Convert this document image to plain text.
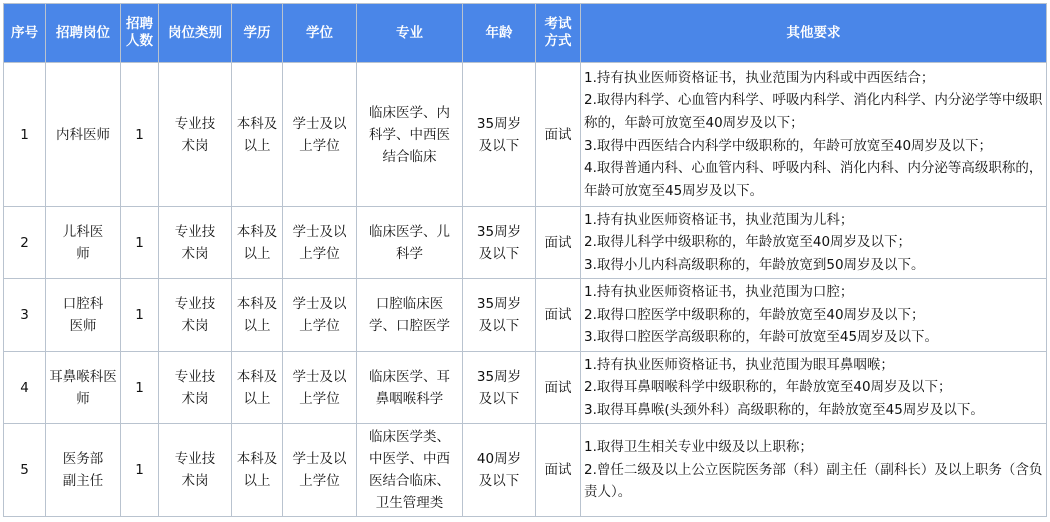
序号	招聘岗位	招聘人数	岗位类别	学历	学位	专业	年龄	考试方式	其他要求
1	内科医师	1	专业技术岗	本科及以上	学士及以上学位	临床医学、内科学、中西医结合临床	35周岁及以下	面试	1.持有执业医师资格证书，执业范围为内科或中西医结合；
2.取得内科学、心血管内科学、呼吸内科学、消化内科学、内分泌学等中级职称的，年龄可放宽至40周岁及以下；
3.取得中西医结合内科学中级职称的，年龄可放宽至40周岁及以下；
4.取得普通内科、心血管内科、呼吸内科、消化内科、内分泌等高级职称的，年龄可放宽至45周岁及以下。

2	儿科医师	1	专业技术岗	本科及以上	学士及以上学位	临床医学、儿科学	35周岁及以下	面试	1.持有执业医师资格证书，执业范围为儿科；
2.取得儿科学中级职称的，年龄放宽至40周岁及以下；
3.取得小儿内科高级职称的，年龄放宽到50周岁及以下。

3	口腔科医师	1	专业技术岗	本科及以上	学士及以上学位	口腔临床医学、口腔医学	35周岁及以下	面试	1.持有执业医师资格证书，执业范围为口腔；
2.取得口腔医学中级职称的，年龄放宽至40周岁及以下；
3.取得口腔医学高级职称的，年龄可放宽至45周岁及以下。

4	耳鼻喉科医师	1	专业技术岗	本科及以上	学士及以上学位	临床医学、耳鼻咽喉科学	35周岁及以下	面试	1.持有执业医师资格证书，执业范围为眼耳鼻咽喉；
2.取得耳鼻咽喉科学中级职称的，年龄放宽至40周岁及以下；
3.取得耳鼻喉(头颈外科）高级职称的，年龄放宽至45周岁及以下。

5	医务部副主任	1	专业技术岗	本科及以上	学士及以上学位	临床医学类、中医学、中西医结合临床、卫生管理类	40周岁及以下	面试	1.取得卫生相关专业中级及以上职称；
2.曾任二级及以上公立医院医务部（科）副主任（副科长）及以上职务（含负责人）。
